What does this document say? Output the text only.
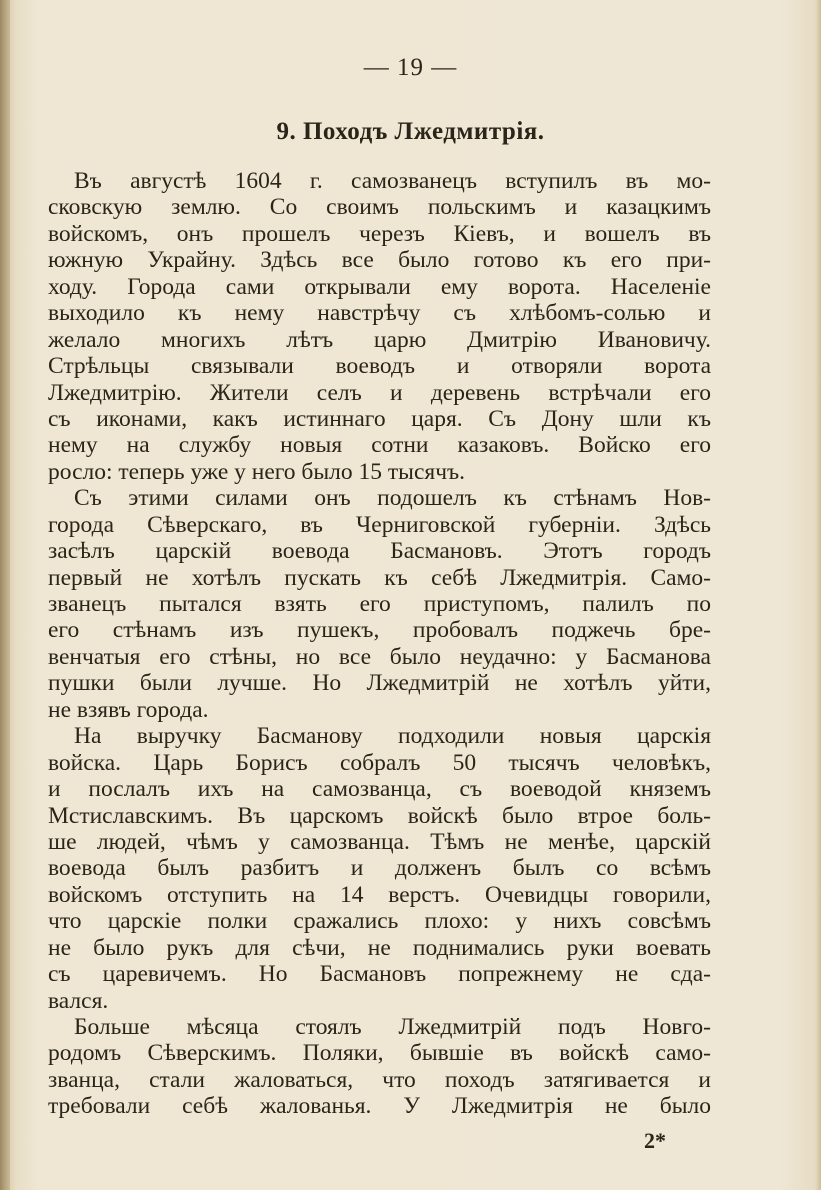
— 19 —
9. Походъ Лжедмитрія.
Въ августѣ 1604 г. самозванецъ вступилъ въ мо-
сковскую землю. Со своимъ польскимъ и казацкимъ
войскомъ, онъ прошелъ черезъ Кіевъ, и вошелъ въ
южную Украйну. Здѣсь все было готово къ его при-
ходу. Города сами открывали ему ворота. Населеніе
выходило къ нему навстрѣчу съ хлѣбомъ-солью и
желало многихъ лѣтъ царю Дмитрію Ивановичу.
Стрѣльцы связывали воеводъ и отворяли ворота
Лжедмитрію. Жители селъ и деревень встрѣчали его
съ иконами, какъ истиннаго царя. Съ Дону шли къ
нему на службу новыя сотни казаковъ. Войско его
росло: теперь уже у него было 15 тысячъ.
Съ этими силами онъ подошелъ къ стѣнамъ Нов-
города Сѣверскаго, въ Черниговской губерніи. Здѣсь
засѣлъ царскій воевода Басмановъ. Этотъ городъ
первый не хотѣлъ пускать къ себѣ Лжедмитрія. Само-
званецъ пытался взять его приступомъ, палилъ по
его стѣнамъ изъ пушекъ, пробовалъ поджечь бре-
венчатыя его стѣны, но все было неудачно: у Басманова
пушки были лучше. Но Лжедмитрій не хотѣлъ уйти,
не взявъ города.
На выручку Басманову подходили новыя царскія
войска. Царь Борисъ собралъ 50 тысячъ человѣкъ,
и послалъ ихъ на самозванца, съ воеводой княземъ
Мстиславскимъ. Въ царскомъ войскѣ было втрое боль-
ше людей, чѣмъ у самозванца. Тѣмъ не менѣе, царскій
воевода былъ разбитъ и долженъ былъ со всѣмъ
войскомъ отступить на 14 верстъ. Очевидцы говорили,
что царскіе полки сражались плохо: у нихъ совсѣмъ
не было рукъ для сѣчи, не поднимались руки воевать
съ царевичемъ. Но Басмановъ попрежнему не сда-
вался.
Больше мѣсяца стоялъ Лжедмитрій подъ Новго-
родомъ Сѣверскимъ. Поляки, бывшіе въ войскѣ само-
званца, стали жаловаться, что походъ затягивается и
требовали себѣ жалованья. У Лжедмитрія не было
2*
